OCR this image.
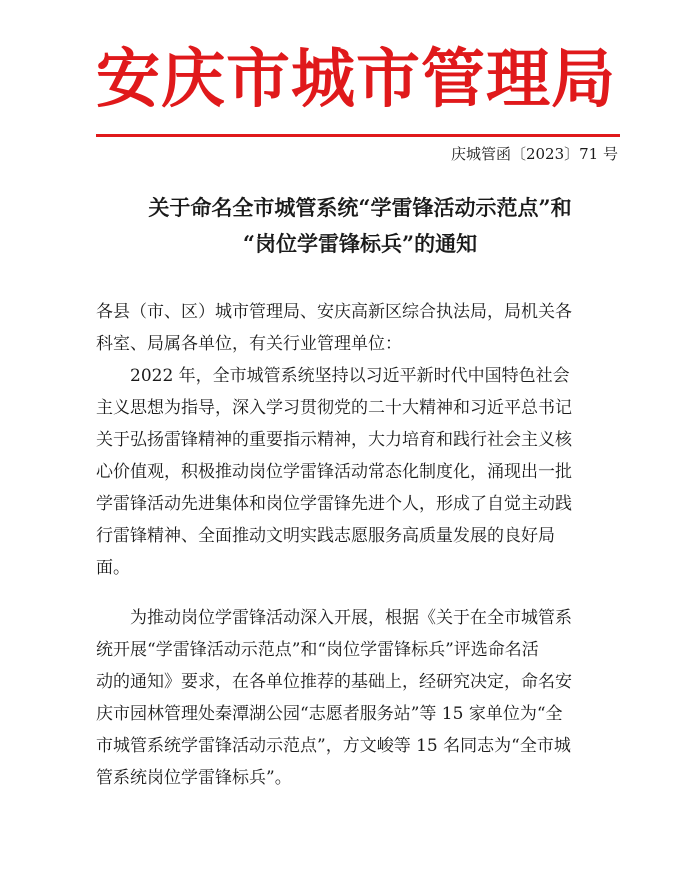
安庆市城市管理局
庆城管函〔2023〕71 号
关于命名全市城管系统“学雷锋活动示范点”和
“岗位学雷锋标兵”的通知

各县（市、区）城市管理局、安庆高新区综合执法局，局机关各

科室、局属各单位，有关行业管理单位：

　　2022 年，全市城管系统坚持以习近平新时代中国特色社会

主义思想为指导，深入学习贯彻党的二十大精神和习近平总书记

关于弘扬雷锋精神的重要指示精神，大力培育和践行社会主义核

心价值观，积极推动岗位学雷锋活动常态化制度化，涌现出一批

学雷锋活动先进集体和岗位学雷锋先进个人，形成了自觉主动践

行雷锋精神、全面推动文明实践志愿服务高质量发展的良好局

面。

　　为推动岗位学雷锋活动深入开展，根据《关于在全市城管系

统开展“学雷锋活动示范点”和“岗位学雷锋标兵”评选命名活

动的通知》要求，在各单位推荐的基础上，经研究决定，命名安

庆市园林管理处秦潭湖公园“志愿者服务站”等 15 家单位为“全

市城管系统学雷锋活动示范点”，方文峻等 15 名同志为“全市城

管系统岗位学雷锋标兵”。
